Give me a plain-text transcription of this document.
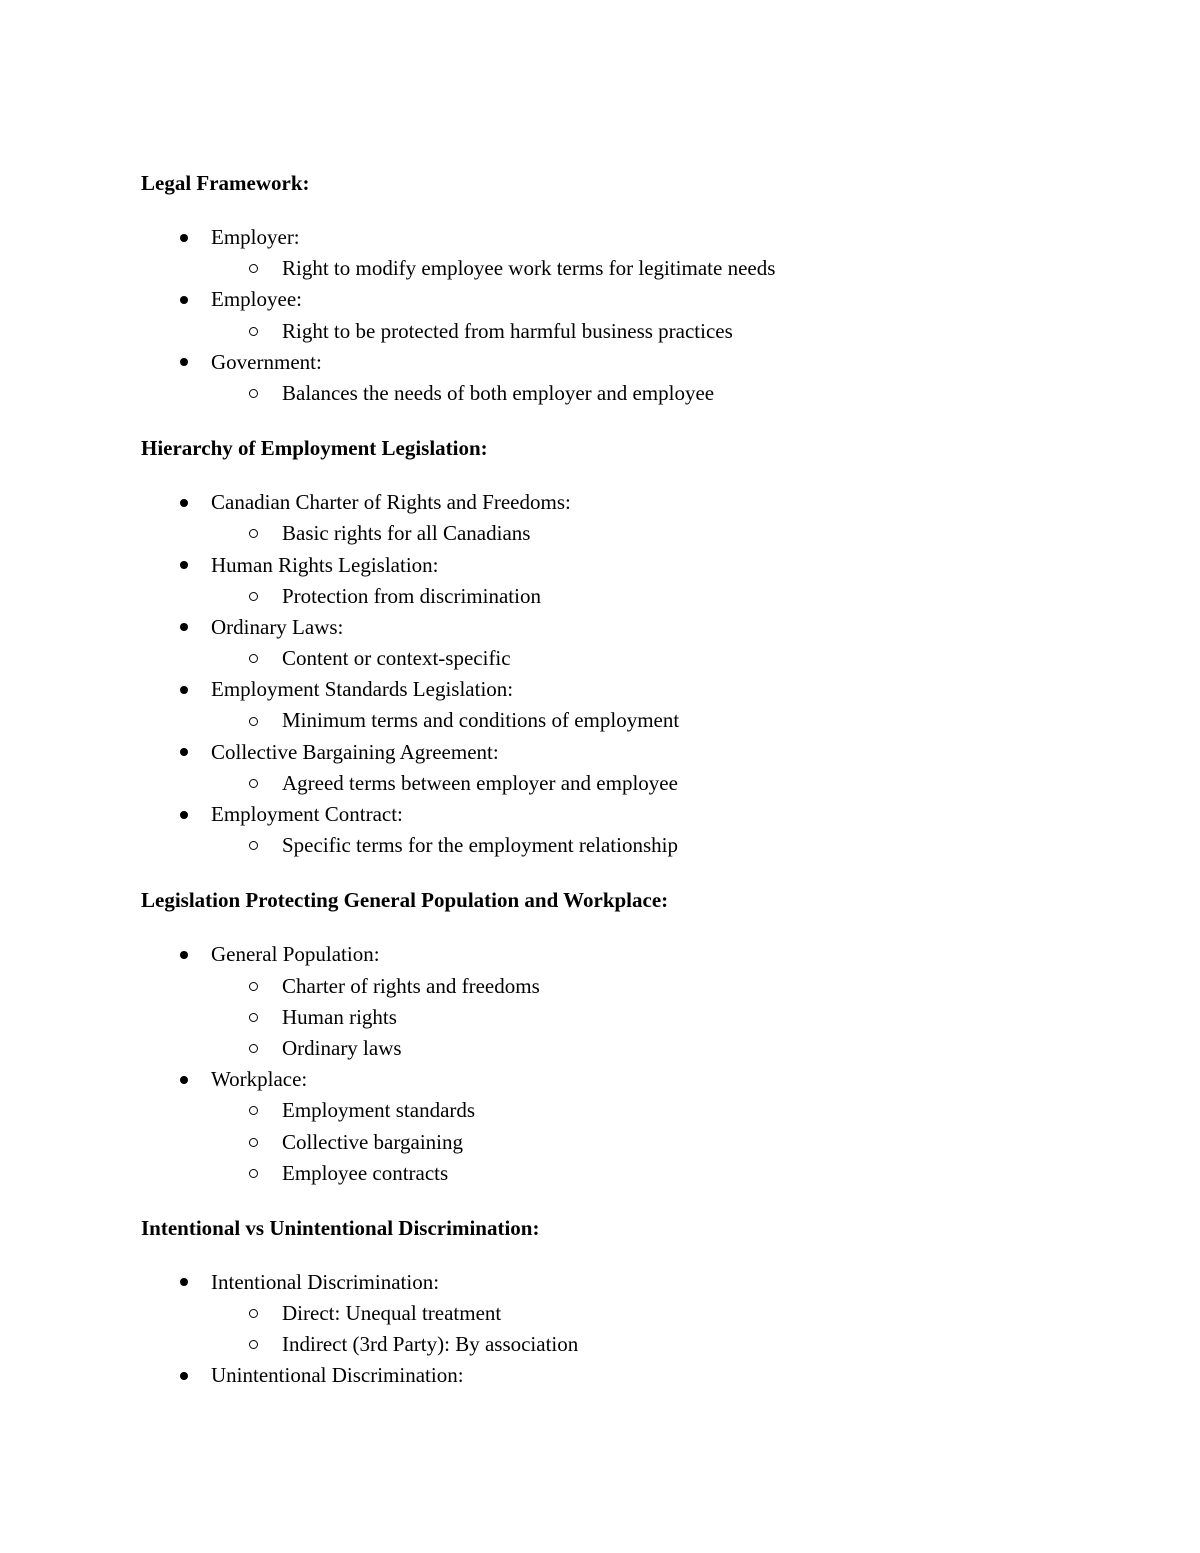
Legal Framework:
Employer:
Right to modify employee work terms for legitimate needs
Employee:
Right to be protected from harmful business practices
Government:
Balances the needs of both employer and employee
Hierarchy of Employment Legislation:
Canadian Charter of Rights and Freedoms:
Basic rights for all Canadians
Human Rights Legislation:
Protection from discrimination
Ordinary Laws:
Content or context-specific
Employment Standards Legislation:
Minimum terms and conditions of employment
Collective Bargaining Agreement:
Agreed terms between employer and employee
Employment Contract:
Specific terms for the employment relationship
Legislation Protecting General Population and Workplace:
General Population:
Charter of rights and freedoms
Human rights
Ordinary laws
Workplace:
Employment standards
Collective bargaining
Employee contracts
Intentional vs Unintentional Discrimination:
Intentional Discrimination:
Direct: Unequal treatment
Indirect (3rd Party): By association
Unintentional Discrimination:
